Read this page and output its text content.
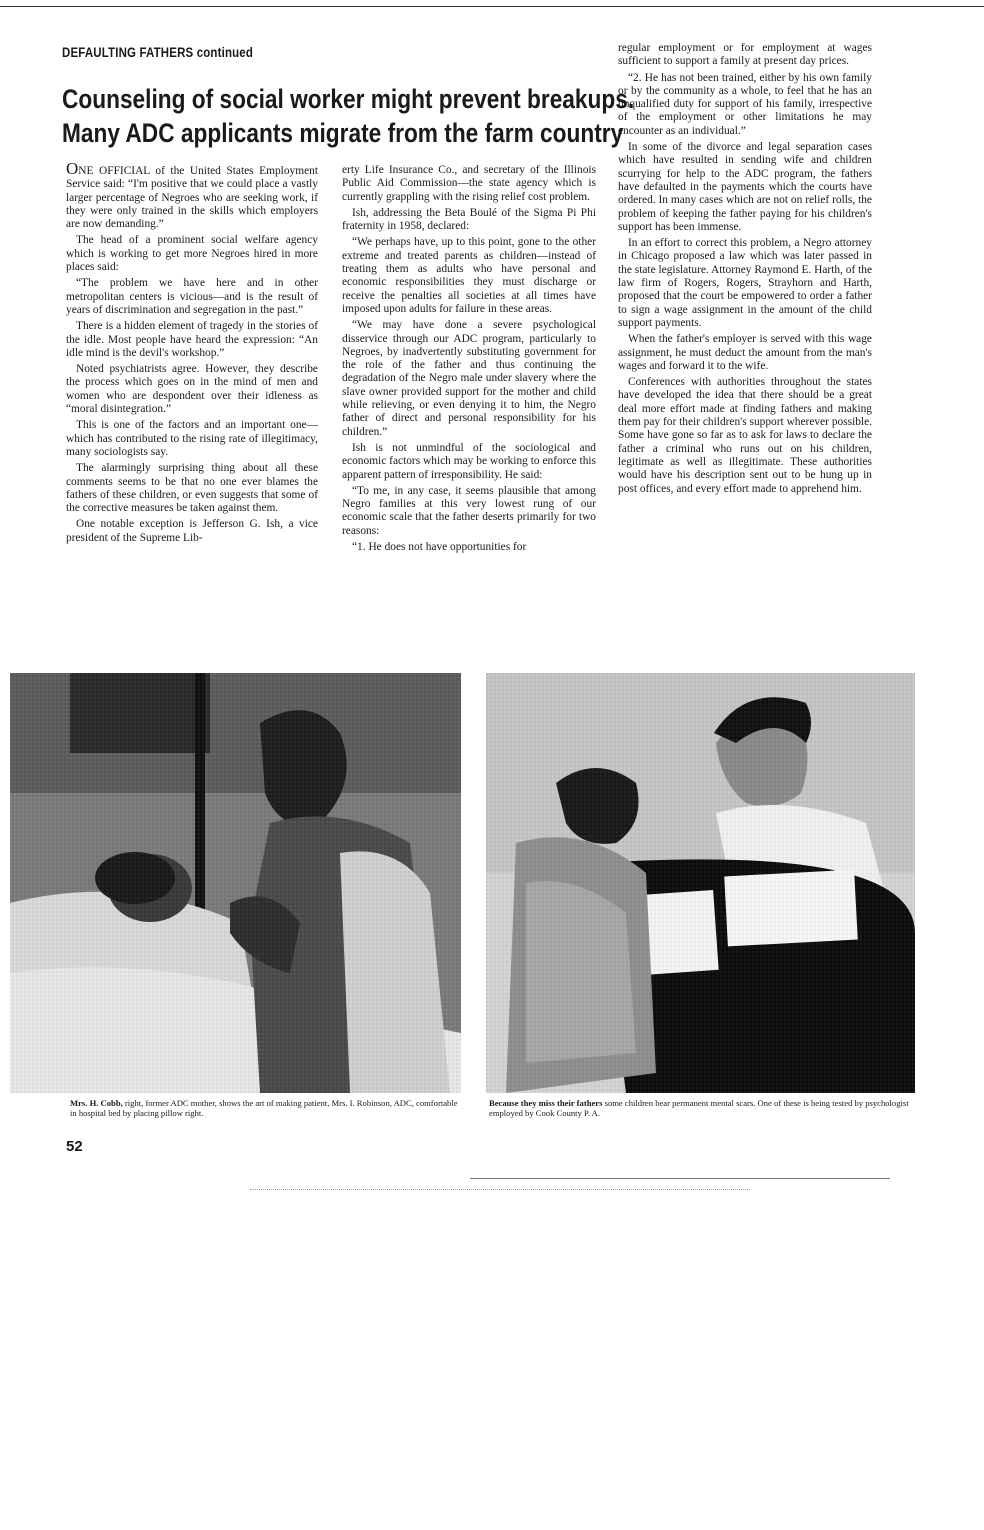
DEFAULTING FATHERS continued
Counseling of social worker might prevent breakups.
Many ADC applicants migrate from the farm country

ONE OFFICIAL of the United States Employment Service said: “I'm positive that we could place a vastly larger percentage of Negroes who are seeking work, if they were only trained in the skills which employers are now demanding.”

The head of a prominent social welfare agency which is working to get more Negroes hired in more places said:

“The problem we have here and in other metropolitan centers is vicious—and is the result of years of discrimination and segregation in the past.”

There is a hidden element of tragedy in the stories of the idle. Most people have heard the expression: “An idle mind is the devil's workshop.”

Noted psychiatrists agree. However, they describe the process which goes on in the mind of men and women who are despondent over their idleness as “moral disintegration.”

This is one of the factors and an important one—which has contributed to the rising rate of illegitimacy, many sociologists say.

The alarmingly surprising thing about all these comments seems to be that no one ever blames the fathers of these children, or even suggests that some of the corrective measures be taken against them.

One notable exception is Jefferson G. Ish, a vice president of the Supreme Lib-

erty Life Insurance Co., and secretary of the Illinois Public Aid Commission—the state agency which is currently grappling with the rising relief cost problem.

Ish, addressing the Beta Boulé of the Sigma Pi Phi fraternity in 1958, declared:

“We perhaps have, up to this point, gone to the other extreme and treated parents as children—instead of treating them as adults who have personal and economic responsibilities they must discharge or receive the penalties all societies at all times have imposed upon adults for failure in these areas.

“We may have done a severe psychological disservice through our ADC program, particularly to Negroes, by inadvertently substituting government for the role of the father and thus continuing the degradation of the Negro male under slavery where the slave owner provided support for the mother and child while relieving, or even denying it to him, the Negro father of direct and personal responsibility for his children.”

Ish is not unmindful of the sociological and economic factors which may be working to enforce this apparent pattern of irresponsibility. He said:

“To me, in any case, it seems plausible that among Negro families at this very lowest rung of our economic scale that the father deserts primarily for two reasons:

“1. He does not have opportunities for

regular employment or for employment at wages sufficient to support a family at present day prices.

“2. He has not been trained, either by his own family or by the community as a whole, to feel that he has an unqualified duty for support of his family, irrespective of the employment or other limitations he may encounter as an individual.”

In some of the divorce and legal separation cases which have resulted in sending wife and children scurrying for help to the ADC program, the fathers have defaulted in the payments which the courts have ordered. In many cases which are not on relief rolls, the problem of keeping the father paying for his children's support has been immense.

In an effort to correct this problem, a Negro attorney in Chicago proposed a law which was later passed in the state legislature. Attorney Raymond E. Harth, of the law firm of Rogers, Rogers, Strayhorn and Harth, proposed that the court be empowered to order a father to sign a wage assignment in the amount of the child support payments.

When the father's employer is served with this wage assignment, he must deduct the amount from the man's wages and forward it to the wife.

Conferences with authorities throughout the states have developed the idea that there should be a great deal more effort made at finding fathers and making them pay for their children's support wherever possible. Some have gone so far as to ask for laws to declare the father a criminal who runs out on his children, legitimate as well as illegitimate. These authorities would have his description sent out to be hung up in post offices, and every effort made to apprehend him.

Mrs. H. Cobb, right, former ADC mother, shows the art of making patient, Mrs. I. Robinson, ADC, comfortable in hospital bed by placing pillow right.
Because they miss their fathers some children bear permanent mental scars. One of these is being tested by psychologist employed by Cook County P. A.
52
